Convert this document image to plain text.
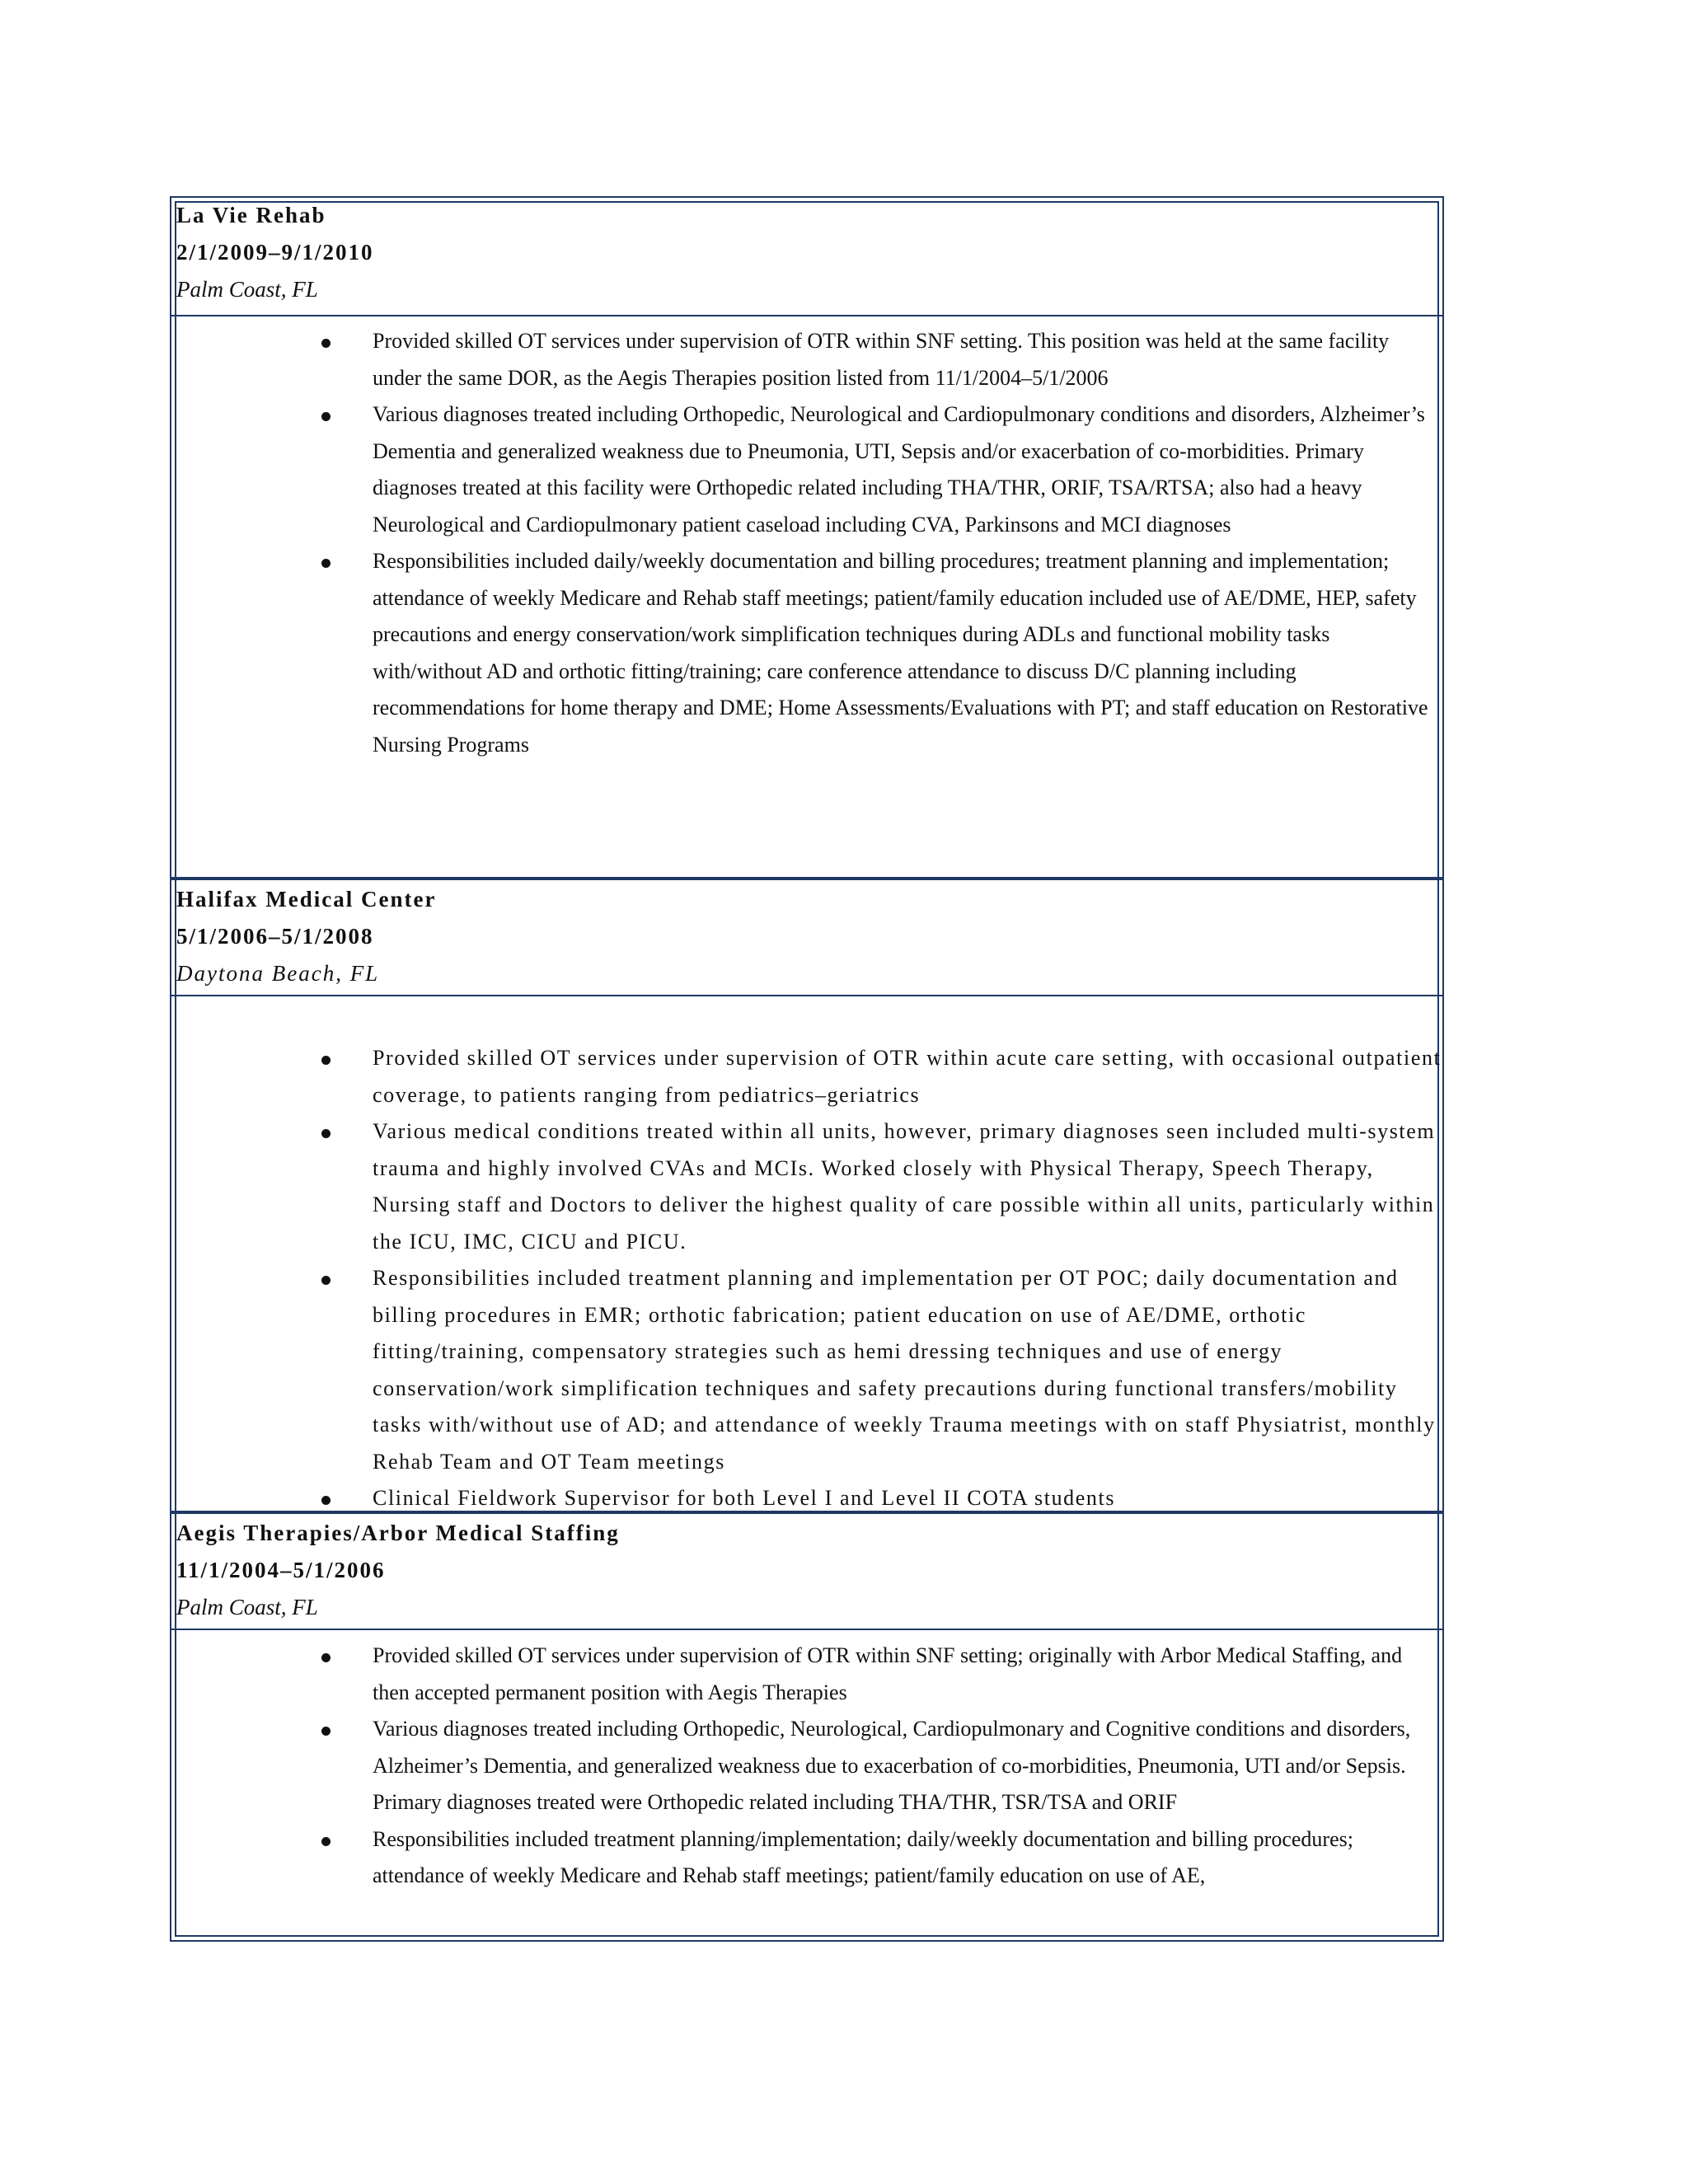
La Vie Rehab
2/1/2009–9/1/2010
Palm Coast, FL
Provided skilled OT services under supervision of OTR within SNF setting. This position was held at the same facility under the same DOR, as the Aegis Therapies position listed from 11/1/2004–5/1/2006
Various diagnoses treated including Orthopedic, Neurological and Cardiopulmonary conditions and disorders, Alzheimer’s Dementia and generalized weakness due to Pneumonia, UTI, Sepsis and/or exacerbation of co-morbidities. Primary diagnoses treated at this facility were Orthopedic related including THA/THR, ORIF, TSA/RTSA; also had a heavy Neurological and Cardiopulmonary patient caseload including CVA, Parkinsons and MCI diagnoses
Responsibilities included daily/weekly documentation and billing procedures; treatment planning and implementation; attendance of weekly Medicare and Rehab staff meetings; patient/family education included use of AE/DME, HEP, safety precautions and energy conservation/work simplification techniques during ADLs and functional mobility tasks with/without AD and orthotic fitting/training; care conference attendance to discuss D/C planning including recommendations for home therapy and DME; Home Assessments/Evaluations with PT; and staff education on Restorative Nursing Programs
Halifax Medical Center
5/1/2006–5/1/2008
Daytona Beach, FL
Provided skilled OT services under supervision of OTR within acute care setting, with occasional outpatient coverage, to patients ranging from pediatrics–geriatrics
Various medical conditions treated within all units, however, primary diagnoses seen included multi-system trauma and highly involved CVAs and MCIs. Worked closely with Physical Therapy, Speech Therapy, Nursing staff and Doctors to deliver the highest quality of care possible within all units, particularly within the ICU, IMC, CICU and PICU.
Responsibilities included treatment planning and implementation per OT POC; daily documentation and billing procedures in EMR; orthotic fabrication; patient education on use of AE/DME, orthotic fitting/training, compensatory strategies such as hemi dressing techniques and use of energy conservation/work simplification techniques and safety precautions during functional transfers/mobility tasks with/without use of AD; and attendance of weekly Trauma meetings with on staff Physiatrist, monthly Rehab Team and OT Team meetings
Clinical Fieldwork Supervisor for both Level I and Level II COTA students
Aegis Therapies/Arbor Medical Staffing
11/1/2004–5/1/2006
Palm Coast, FL
Provided skilled OT services under supervision of OTR within SNF setting; originally with Arbor Medical Staffing, and then accepted permanent position with Aegis Therapies
Various diagnoses treated including Orthopedic, Neurological, Cardiopulmonary and Cognitive conditions and disorders, Alzheimer’s Dementia, and generalized weakness due to exacerbation of co-morbidities, Pneumonia, UTI and/or Sepsis. Primary diagnoses treated were Orthopedic related including THA/THR, TSR/TSA and ORIF
Responsibilities included treatment planning/implementation; daily/weekly documentation and billing procedures; attendance of weekly Medicare and Rehab staff meetings; patient/family education on use of AE,
